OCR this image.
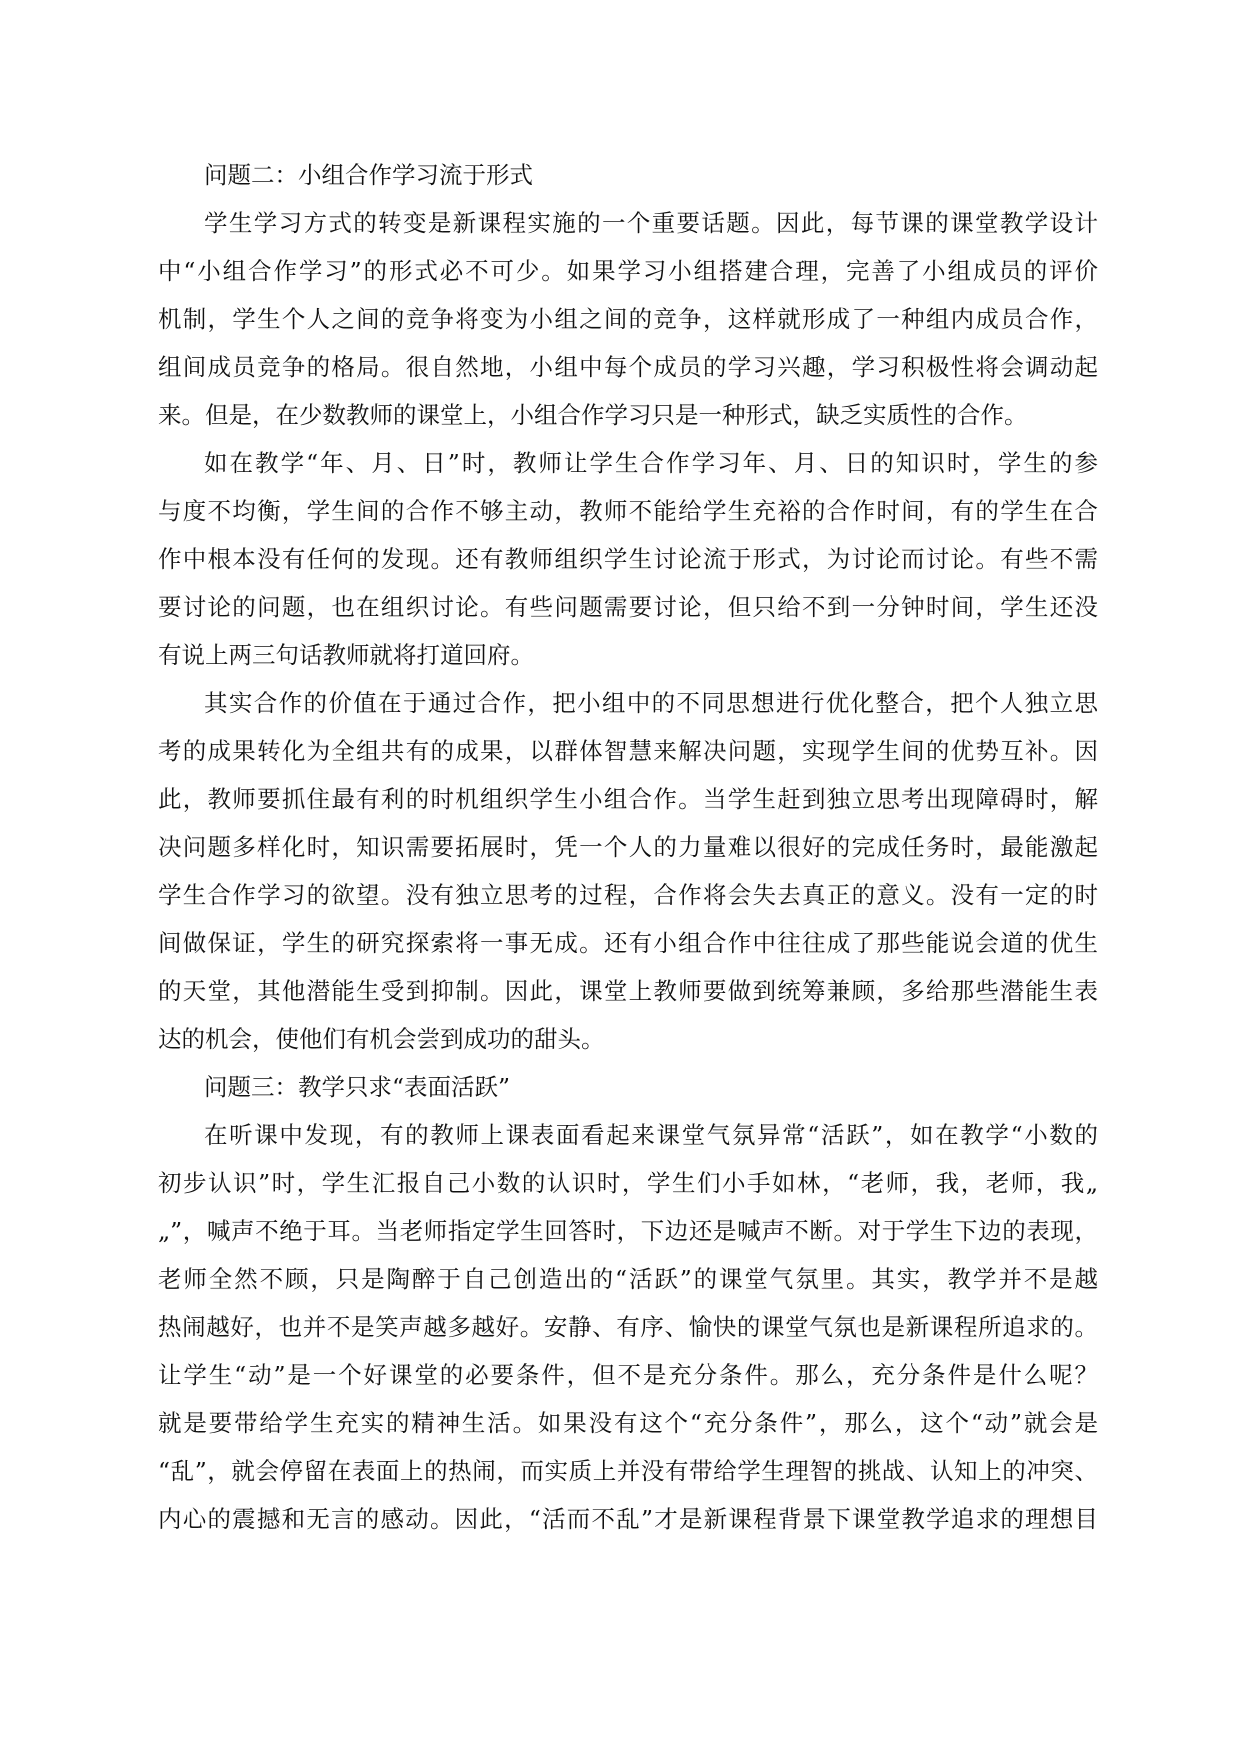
问题二：小组合作学习流于形式
学生学习方式的转变是新课程实施的一个重要话题。因此，每节课的课堂教学设计
中“小组合作学习”的形式必不可少。如果学习小组搭建合理，完善了小组成员的评价
机制，学生个人之间的竞争将变为小组之间的竞争，这样就形成了一种组内成员合作，
组间成员竞争的格局。很自然地，小组中每个成员的学习兴趣，学习积极性将会调动起
来。但是，在少数教师的课堂上，小组合作学习只是一种形式，缺乏实质性的合作。
如在教学“年、月、日”时，教师让学生合作学习年、月、日的知识时，学生的参
与度不均衡，学生间的合作不够主动，教师不能给学生充裕的合作时间，有的学生在合
作中根本没有任何的发现。还有教师组织学生讨论流于形式，为讨论而讨论。有些不需
要讨论的问题，也在组织讨论。有些问题需要讨论，但只给不到一分钟时间，学生还没
有说上两三句话教师就将打道回府。
其实合作的价值在于通过合作，把小组中的不同思想进行优化整合，把个人独立思
考的成果转化为全组共有的成果，以群体智慧来解决问题，实现学生间的优势互补。因
此，教师要抓住最有利的时机组织学生小组合作。当学生赶到独立思考出现障碍时，解
决问题多样化时，知识需要拓展时，凭一个人的力量难以很好的完成任务时，最能激起
学生合作学习的欲望。没有独立思考的过程，合作将会失去真正的意义。没有一定的时
间做保证，学生的研究探索将一事无成。还有小组合作中往往成了那些能说会道的优生
的天堂，其他潜能生受到抑制。因此，课堂上教师要做到统筹兼顾，多给那些潜能生表
达的机会，使他们有机会尝到成功的甜头。
问题三：教学只求“表面活跃”
在听课中发现，有的教师上课表面看起来课堂气氛异常“活跃”，如在教学“小数的
初步认识”时，学生汇报自己小数的认识时，学生们小手如林，“老师，我，老师，我„
„”，喊声不绝于耳。当老师指定学生回答时，下边还是喊声不断。对于学生下边的表现，
老师全然不顾，只是陶醉于自己创造出的“活跃”的课堂气氛里。其实，教学并不是越
热闹越好，也并不是笑声越多越好。安静、有序、愉快的课堂气氛也是新课程所追求的。
让学生“动”是一个好课堂的必要条件，但不是充分条件。那么，充分条件是什么呢？
就是要带给学生充实的精神生活。如果没有这个“充分条件”，那么，这个“动”就会是
“乱”，就会停留在表面上的热闹，而实质上并没有带给学生理智的挑战、认知上的冲突、
内心的震撼和无言的感动。因此，“活而不乱”才是新课程背景下课堂教学追求的理想目
